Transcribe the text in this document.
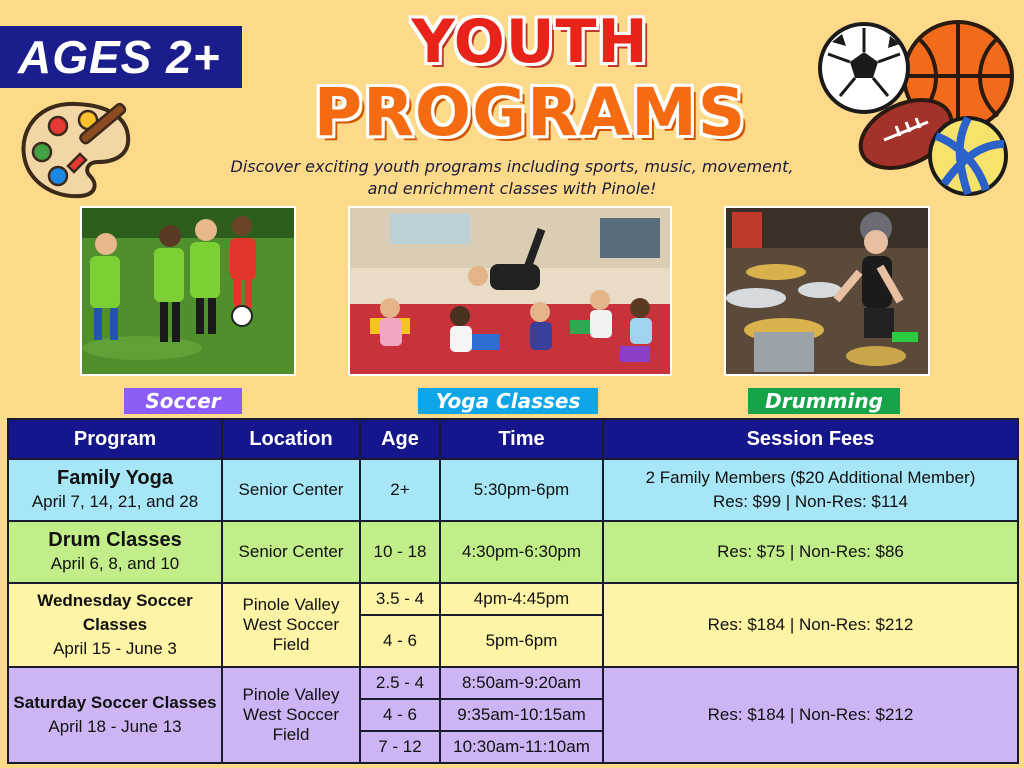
AGES 2+	YOUTH
PROGRAMS
Discover exciting youth programs including sports, music, movement,
and enrichment classes with Pinole!
Soccer	Yoga Classes	Drumming
Program	Location	Age	Time	Session Fees

Family Yoga
April 7, 14, 21, and 28	Senior Center	2+	5:30pm-6pm	2 Family Members ($20 Additional Member)
Res: $99 | Non-Res: $114

Drum Classes
April 6, 8, and 10	Senior Center	10 - 18	4:30pm-6:30pm	Res: $75 | Non-Res: $86

Wednesday Soccer Classes
April 15 - June 3	Pinole Valley West Soccer Field	3.5 - 4	4pm-4:45pm	Res: $184 | Non-Res: $212

		4 - 6	5pm-6pm	

Saturday Soccer Classes
April 18 - June 13	Pinole Valley West Soccer Field	2.5 - 4	8:50am-9:20am	Res: $184 | Non-Res: $212

		4 - 6	9:35am-10:15am	
		7 - 12	10:30am-11:10am	
